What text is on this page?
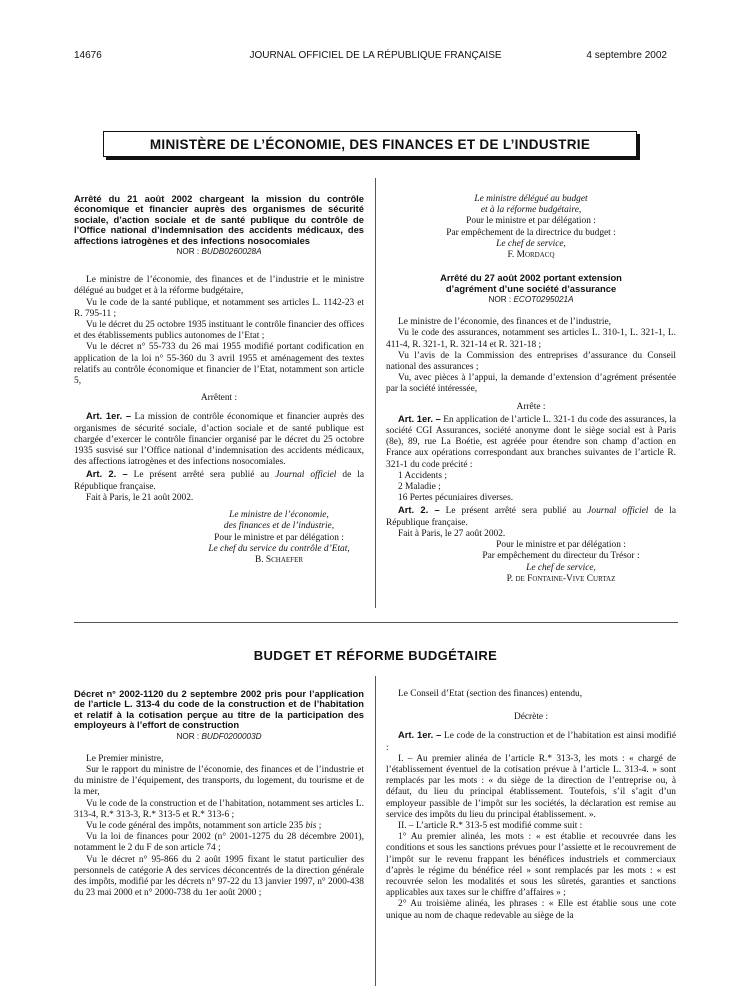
14676	JOURNAL OFFICIEL DE LA RÉPUBLIQUE FRANÇAISE	4 septembre 2002
MINISTÈRE DE L’ÉCONOMIE, DES FINANCES ET DE L’INDUSTRIE

Arrêté du 21 août 2002 chargeant la mission du contrôle économique et financier auprès des organismes de sécurité sociale, d’action sociale et de santé publique du contrôle de l’Office national d’indemnisation des accidents médicaux, des affections iatrogènes et des infections nosocomiales

NOR : BUDB0260028A

Le ministre de l’économie, des finances et de l’industrie et le ministre délégué au budget et à la réforme budgétaire,

Vu le code de la santé publique, et notamment ses articles L. 1142-23 et R. 795-11 ;

Vu le décret du 25 octobre 1935 instituant le contrôle financier des offices et des établissements publics autonomes de l’Etat ;

Vu le décret n° 55-733 du 26 mai 1955 modifié portant codification en application de la loi n° 55-360 du 3 avril 1955 et aménagement des textes relatifs au contrôle économique et financier de l’Etat, notamment son article 5,

Arrêtent :

Art. 1er. – La mission de contrôle économique et financier auprès des organismes de sécurité sociale, d’action sociale et de santé publique est chargée d’exercer le contrôle financier organisé par le décret du 25 octobre 1935 susvisé sur l’Office national d’indemnisation des accidents médicaux, des affections iatrogènes et des infections nosocomiales.

Art. 2. – Le présent arrêté sera publié au Journal officiel de la République française.

Fait à Paris, le 21 août 2002.

Le ministre de l’économie,

des finances et de l’industrie,

Pour le ministre et par délégation :

Le chef du service du contrôle d’Etat,

B. Schaefer

Le ministre délégué au budget

et à la réforme budgétaire,

Pour le ministre et par délégation :

Par empêchement de la directrice du budget :

Le chef de service,

F. Mordacq

Arrêté du 27 août 2002 portant extension d’agrément d’une société d’assurance

NOR : ECOT0295021A

Le ministre de l’économie, des finances et de l’industrie,

Vu le code des assurances, notamment ses articles L. 310-1, L. 321-1, L. 411-4, R. 321-1, R. 321-14 et R. 321-18 ;

Vu l’avis de la Commission des entreprises d’assurance du Conseil national des assurances ;

Vu, avec pièces à l’appui, la demande d’extension d’agrément présentée par la société intéressée,

Arrête :

Art. 1er. – En application de l’article L. 321-1 du code des assurances, la société CGI Assurances, société anonyme dont le siège social est à Paris (8e), 89, rue La Boétie, est agréée pour étendre son champ d’action en France aux opérations correspondant aux branches suivantes de l’article R. 321-1 du code précité :

1 Accidents ;

2 Maladie ;

16 Pertes pécuniaires diverses.

Art. 2. – Le présent arrêté sera publié au Journal officiel de la République française.

Fait à Paris, le 27 août 2002.

Pour le ministre et par délégation :

Par empêchement du directeur du Trésor :

Le chef de service,

P. de Fontaine-Vive Curtaz

BUDGET ET RÉFORME BUDGÉTAIRE

Décret n° 2002-1120 du 2 septembre 2002 pris pour l’application de l’article L. 313-4 du code de la construction et de l’habitation et relatif à la cotisation perçue au titre de la participation des employeurs à l’effort de construction

NOR : BUDF0200003D

Le Premier ministre,

Sur le rapport du ministre de l’économie, des finances et de l’industrie et du ministre de l’équipement, des transports, du logement, du tourisme et de la mer,

Vu le code de la construction et de l’habitation, notamment ses articles L. 313-4, R.* 313-3, R.* 313-5 et R.* 313-6 ;

Vu le code général des impôts, notamment son article 235 bis ;

Vu la loi de finances pour 2002 (n° 2001-1275 du 28 décembre 2001), notamment le 2 du F de son article 74 ;

Vu le décret n° 95-866 du 2 août 1995 fixant le statut particulier des personnels de catégorie A des services déconcentrés de la direction générale des impôts, modifié par les décrets n° 97-22 du 13 janvier 1997, n° 2000-438 du 23 mai 2000 et n° 2000-738 du 1er août 2000 ;

Le Conseil d’Etat (section des finances) entendu,

Décrète :

Art. 1er. – Le code de la construction et de l’habitation est ainsi modifié :

I. – Au premier alinéa de l’article R.* 313-3, les mots : « chargé de l’établissement éventuel de la cotisation prévue à l’article L. 313-4. » sont remplacés par les mots : « du siège de la direction de l’entreprise ou, à défaut, du lieu du principal établissement. Toutefois, s’il s’agit d’un employeur passible de l’impôt sur les sociétés, la déclaration est remise au service des impôts du lieu du principal établissement. ».

II. – L’article R.* 313-5 est modifié comme suit :

1° Au premier alinéa, les mots : « est établie et recouvrée dans les conditions et sous les sanctions prévues pour l’assiette et le recouvrement de l’impôt sur le revenu frappant les bénéfices industriels et commerciaux d’après le régime du bénéfice réel » sont remplacés par les mots : « est recouvrée selon les modalités et sous les sûretés, garanties et sanctions applicables aux taxes sur le chiffre d’affaires » ;

2° Au troisième alinéa, les phrases : « Elle est établie sous une cote unique au nom de chaque redevable au siège de la
